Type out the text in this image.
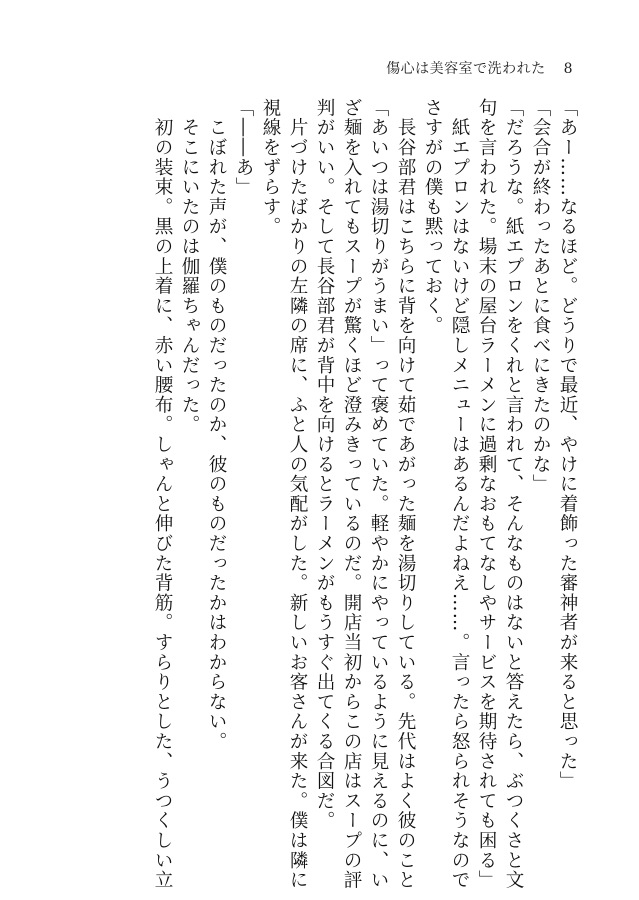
傷心は美容室で洗われた 8
「あー……なるほど。どうりで最近、やけに着飾った審神者が来ると思った」
「会合が終わったあとに食べにきたのかな」
「だろうな。紙エプロンをくれと言われて、そんなものはないと答えたら、ぶつくさと文
句を言われた。場末の屋台ラーメンに過剰なおもてなしやサービスを期待されても困る」
　紙エプロンはないけど隠しメニューはあるんだよねえ……。言ったら怒られそうなので
さすがの僕も黙っておく。
　長谷部君はこちらに背を向けて茹であがった麺を湯切りしている。先代はよく彼のこと
「あいつは湯切りがうまい」って褒めていた。軽やかにやっているように見えるのに、い
ざ麺を入れてもスープが驚くほど澄みきっているのだ。開店当初からこの店はスープの評
判がいい。そして長谷部君が背中を向けるとラーメンがもうすぐ出てくる合図だ。
　片づけたばかりの左隣の席に、ふと人の気配がした。新しいお客さんが来た。僕は隣に
視線をずらす。
「――あ」
　こぼれた声が、僕のものだったのか、彼のものだったかはわからない。
　そこにいたのは伽羅ちゃんだった。
　初の装束。黒の上着に、赤い腰布。しゃんと伸びた背筋。すらりとした、うつくしい立
